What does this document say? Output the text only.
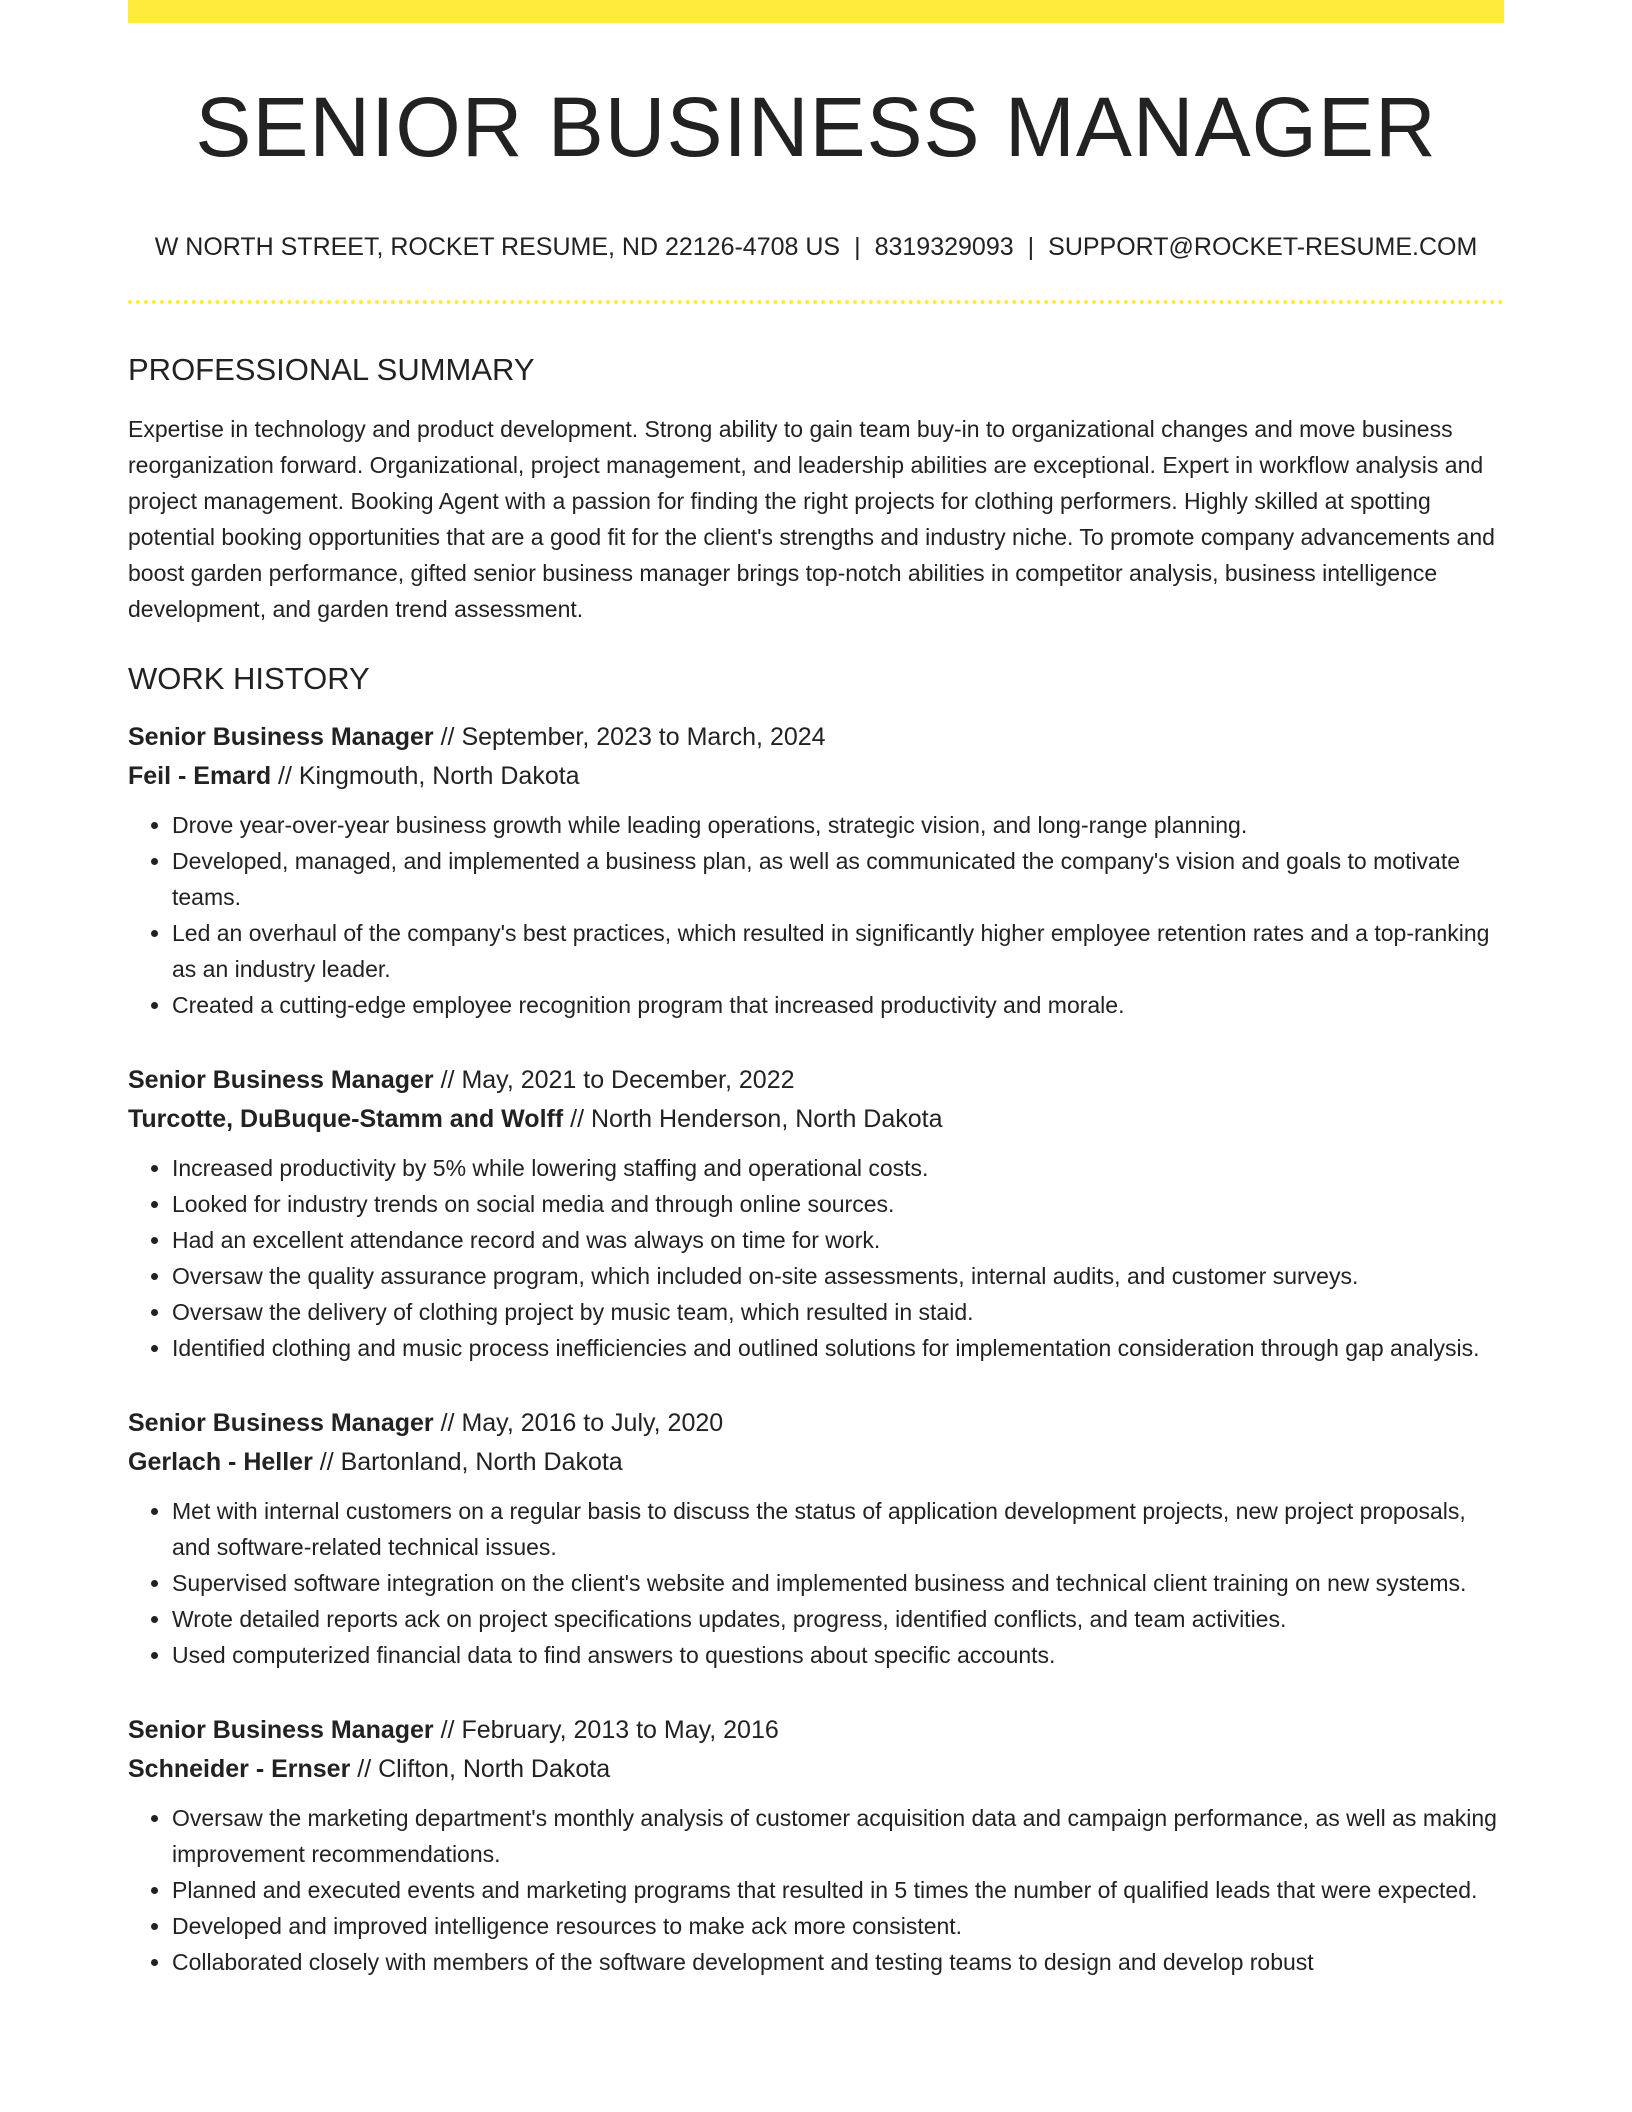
SENIOR BUSINESS MANAGER
W NORTH STREET, ROCKET RESUME, ND 22126-4708 US | 8319329093 | SUPPORT@ROCKET-RESUME.COM
PROFESSIONAL SUMMARY
Expertise in technology and product development. Strong ability to gain team buy-in to organizational changes and move business reorganization forward. Organizational, project management, and leadership abilities are exceptional. Expert in workflow analysis and project management. Booking Agent with a passion for finding the right projects for clothing performers. Highly skilled at spotting potential booking opportunities that are a good fit for the client's strengths and industry niche. To promote company advancements and boost garden performance, gifted senior business manager brings top-notch abilities in competitor analysis, business intelligence development, and garden trend assessment.
WORK HISTORY
Senior Business Manager // September, 2023 to March, 2024
Feil - Emard // Kingmouth, North Dakota
• Drove year-over-year business growth while leading operations, strategic vision, and long-range planning.
• Developed, managed, and implemented a business plan, as well as communicated the company's vision and goals to motivate teams.
• Led an overhaul of the company's best practices, which resulted in significantly higher employee retention rates and a top-ranking as an industry leader.
• Created a cutting-edge employee recognition program that increased productivity and morale.
Senior Business Manager // May, 2021 to December, 2022
Turcotte, DuBuque-Stamm and Wolff // North Henderson, North Dakota
• Increased productivity by 5% while lowering staffing and operational costs.
• Looked for industry trends on social media and through online sources.
• Had an excellent attendance record and was always on time for work.
• Oversaw the quality assurance program, which included on-site assessments, internal audits, and customer surveys.
• Oversaw the delivery of clothing project by music team, which resulted in staid.
• Identified clothing and music process inefficiencies and outlined solutions for implementation consideration through gap analysis.
Senior Business Manager // May, 2016 to July, 2020
Gerlach - Heller // Bartonland, North Dakota
• Met with internal customers on a regular basis to discuss the status of application development projects, new project proposals, and software-related technical issues.
• Supervised software integration on the client's website and implemented business and technical client training on new systems.
• Wrote detailed reports ack on project specifications updates, progress, identified conflicts, and team activities.
• Used computerized financial data to find answers to questions about specific accounts.
Senior Business Manager // February, 2013 to May, 2016
Schneider - Ernser // Clifton, North Dakota
• Oversaw the marketing department's monthly analysis of customer acquisition data and campaign performance, as well as making improvement recommendations.
• Planned and executed events and marketing programs that resulted in 5 times the number of qualified leads that were expected.
• Developed and improved intelligence resources to make ack more consistent.
• Collaborated closely with members of the software development and testing teams to design and develop robust
